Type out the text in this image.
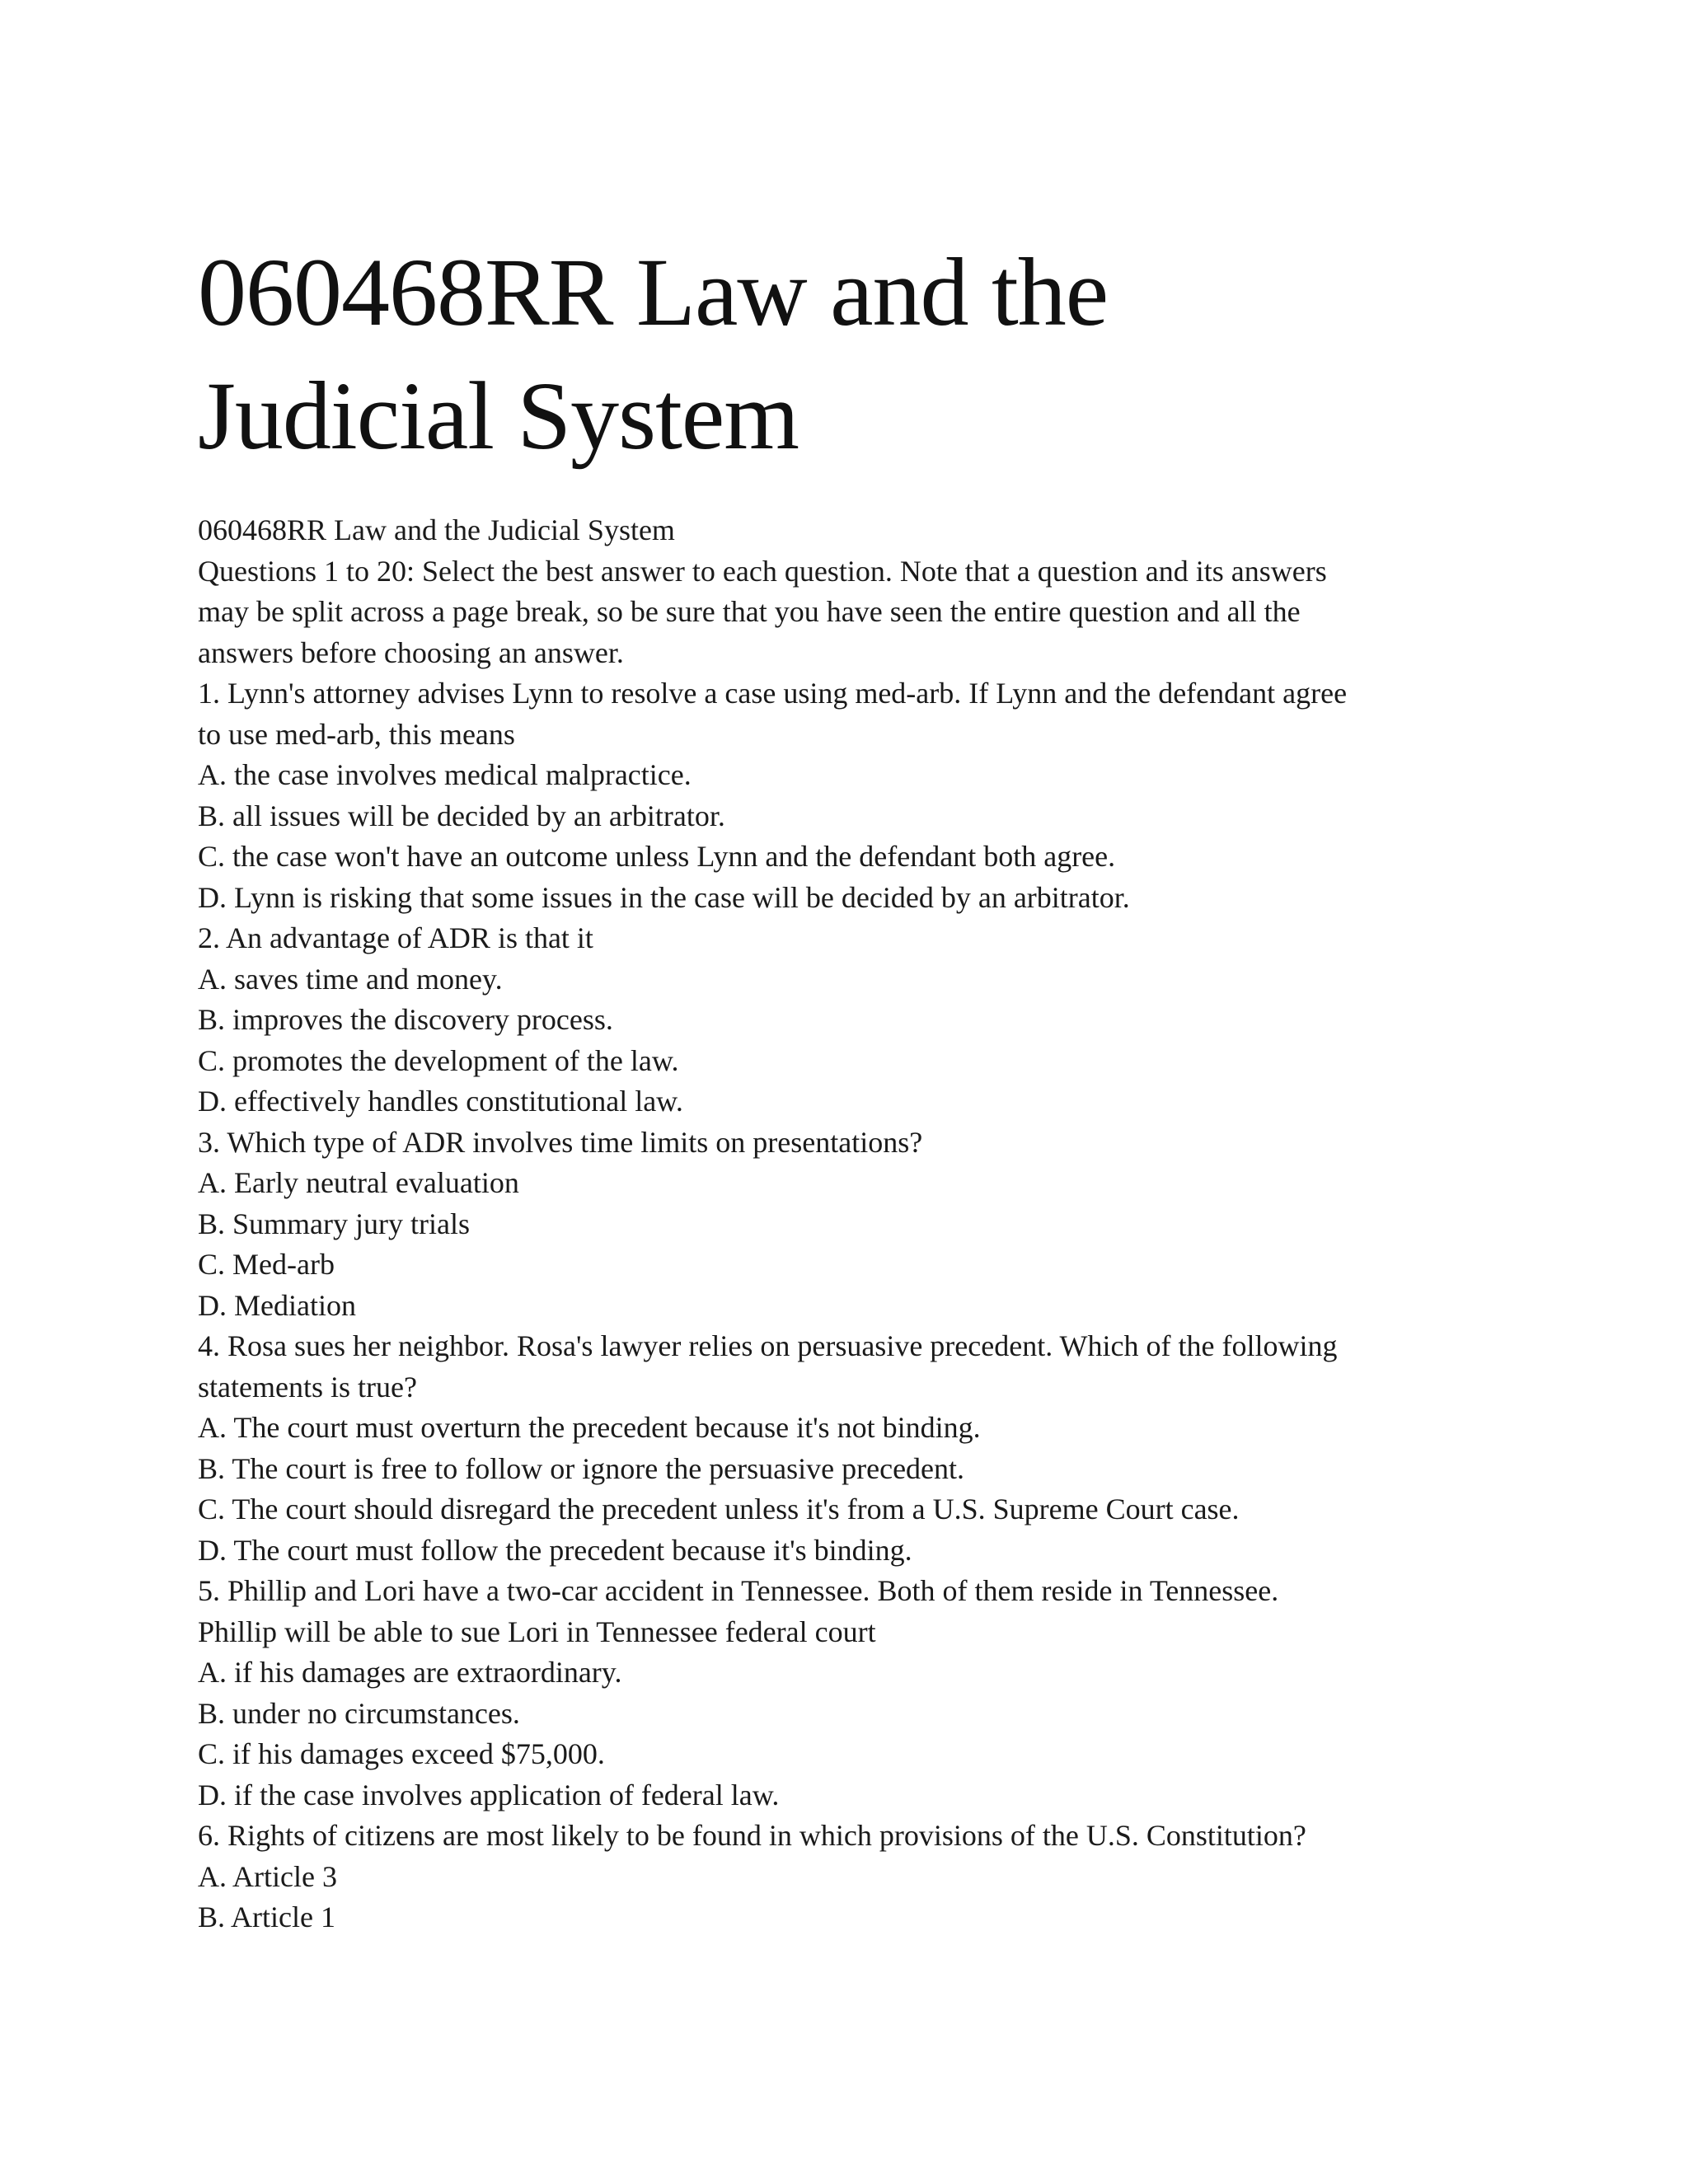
060468RR Law and the
Judicial System
060468RR Law and the Judicial System
Questions 1 to 20: Select the best answer to each question. Note that a question and its answers
may be split across a page break, so be sure that you have seen the entire question and all the
answers before choosing an answer.
1. Lynn's attorney advises Lynn to resolve a case using med-arb. If Lynn and the defendant agree
to use med-arb, this means
A. the case involves medical malpractice.
B. all issues will be decided by an arbitrator.
C. the case won't have an outcome unless Lynn and the defendant both agree.
D. Lynn is risking that some issues in the case will be decided by an arbitrator.
2. An advantage of ADR is that it
A. saves time and money.
B. improves the discovery process.
C. promotes the development of the law.
D. effectively handles constitutional law.
3. Which type of ADR involves time limits on presentations?
A. Early neutral evaluation
B. Summary jury trials
C. Med-arb
D. Mediation
4. Rosa sues her neighbor. Rosa's lawyer relies on persuasive precedent. Which of the following
statements is true?
A. The court must overturn the precedent because it's not binding.
B. The court is free to follow or ignore the persuasive precedent.
C. The court should disregard the precedent unless it's from a U.S. Supreme Court case.
D. The court must follow the precedent because it's binding.
5. Phillip and Lori have a two-car accident in Tennessee. Both of them reside in Tennessee.
Phillip will be able to sue Lori in Tennessee federal court
A. if his damages are extraordinary.
B. under no circumstances.
C. if his damages exceed $75,000.
D. if the case involves application of federal law.
6. Rights of citizens are most likely to be found in which provisions of the U.S. Constitution?
A. Article 3
B. Article 1
